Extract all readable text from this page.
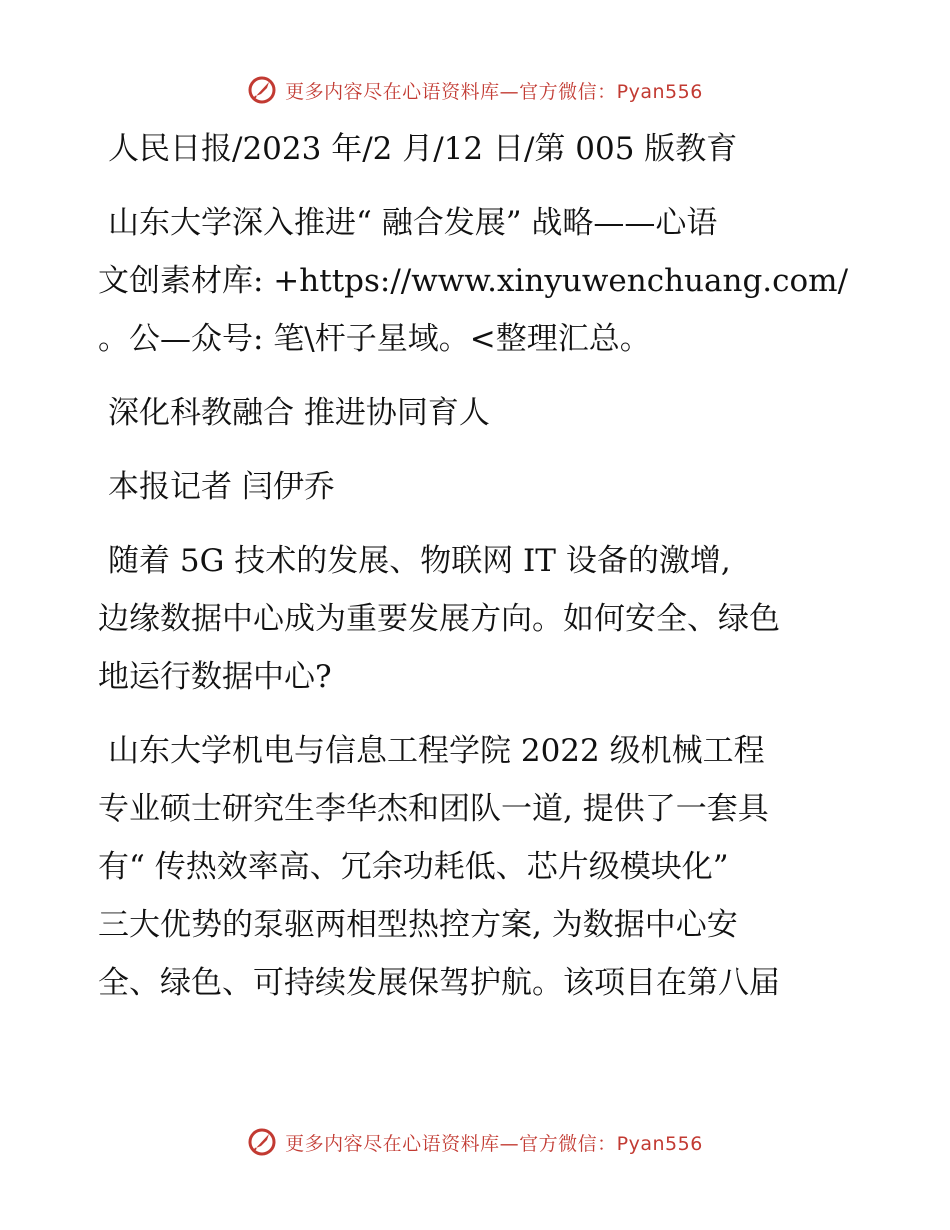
更多内容尽在心语资料库—官方微信：Pyan556
人民日报/2023 年/2 月/12 日/第 005 版教育
山东大学深入推进“ 融合发展” 战略——心语
文创素材库: +https://www.xinyuwenchuang.com/
。公—众号: 笔\杆子星域。<整理汇总。
深化科教融合 推进协同育人
本报记者 闫伊乔
随着 5G 技术的发展、物联网 IT 设备的激增,
边缘数据中心成为重要发展方向。如何安全、绿色
地运行数据中心?
山东大学机电与信息工程学院 2022 级机械工程
专业硕士研究生李华杰和团队一道, 提供了一套具
有“ 传热效率高、冗余功耗低、芯片级模块化”
三大优势的泵驱两相型热控方案, 为数据中心安
全、绿色、可持续发展保驾护航。该项目在第八届
更多内容尽在心语资料库—官方微信：Pyan556
